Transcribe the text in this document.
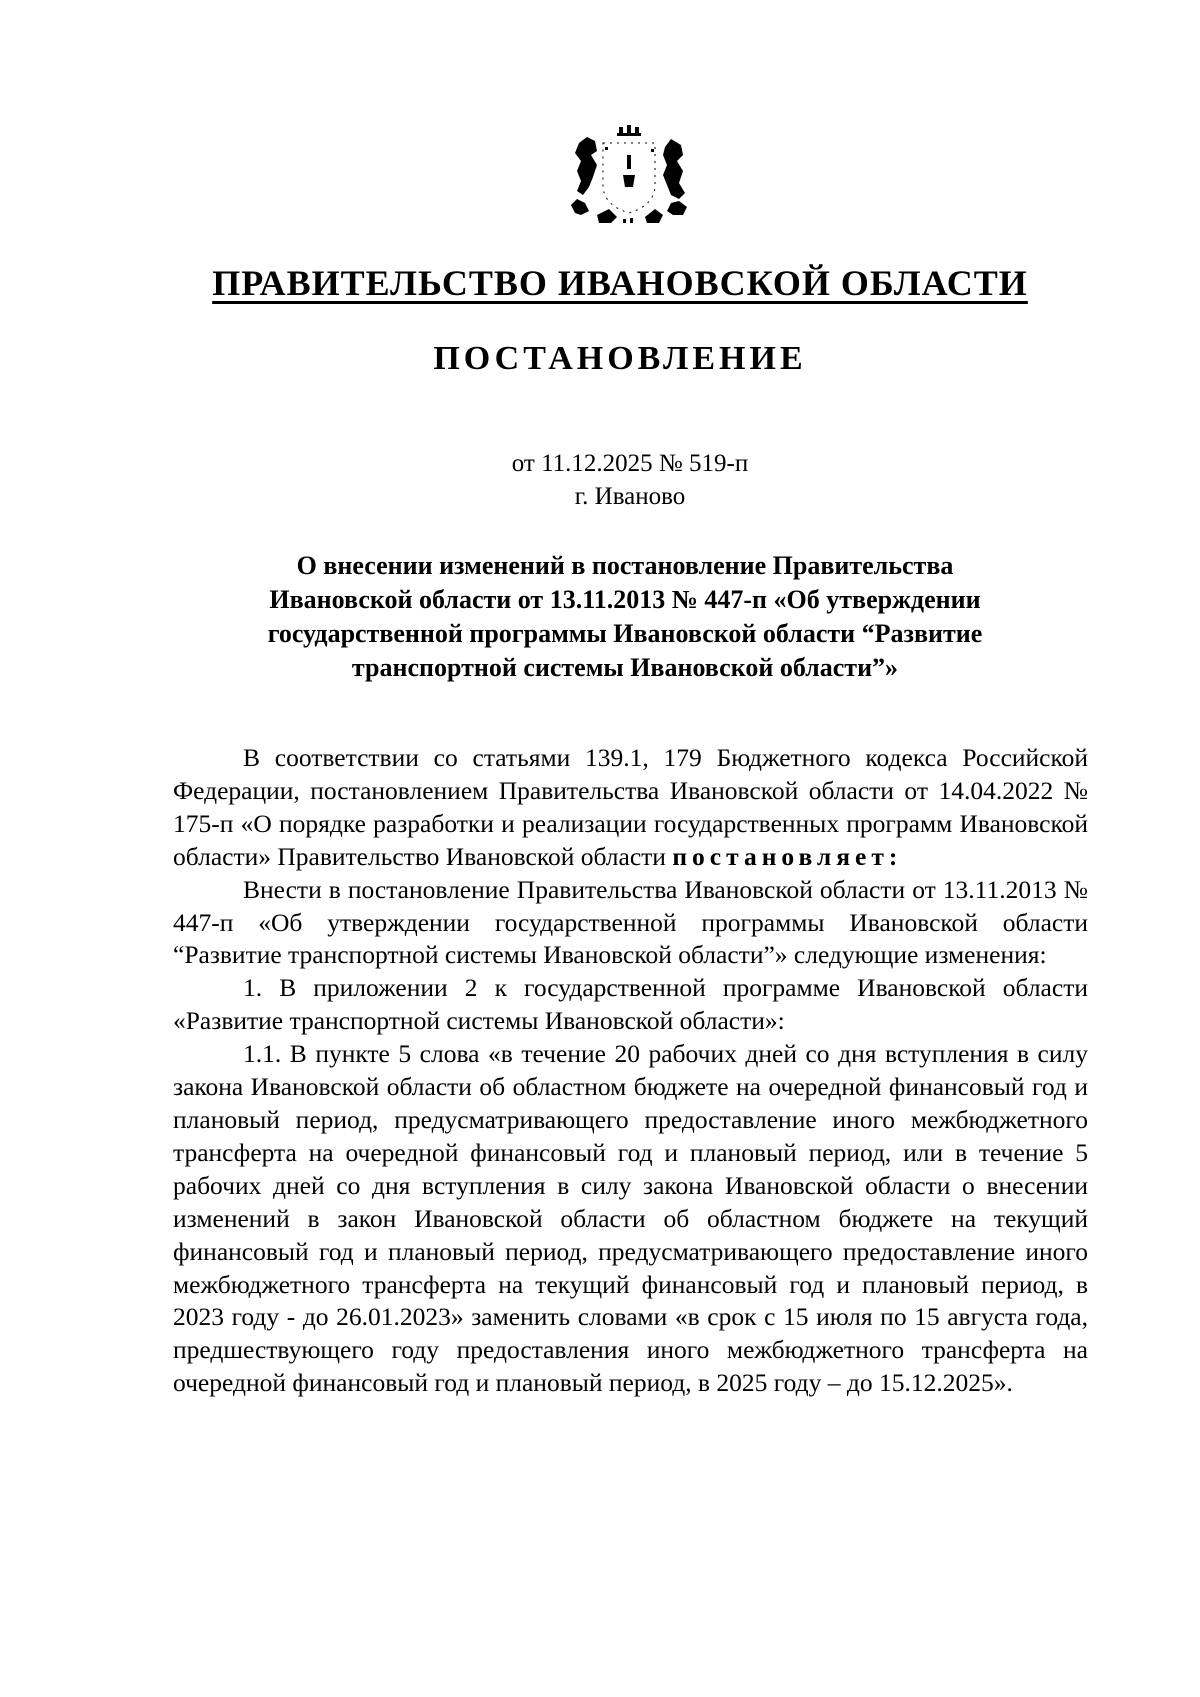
ПРАВИТЕЛЬСТВО ИВАНОВСКОЙ ОБЛАСТИ
ПОСТАНОВЛЕНИЕ
от 11.12.2025 № 519-п
г. Иваново
О внесении изменений в постановление Правительства
Ивановской области от 13.11.2013 № 447-п «Об утверждении
государственной программы Ивановской области “Развитие
транспортной системы Ивановской области”»

В соответствии со статьями 139.1, 179 Бюджетного кодекса Российской Федерации, постановлением Правительства Ивановской области от 14.04.2022 № 175-п «О порядке разработки и реализации государственных программ Ивановской области» Правительство Ивановской области постановляет:

Внести в постановление Правительства Ивановской области от 13.11.2013 № 447-п «Об утверждении государственной программы Ивановской области “Развитие транспортной системы Ивановской области”» следующие изменения:

1. В приложении 2 к государственной программе Ивановской области «Развитие транспортной системы Ивановской области»:

1.1. В пункте 5 слова «в течение 20 рабочих дней со дня вступления в силу закона Ивановской области об областном бюджете на очередной финансовый год и плановый период, предусматривающего предоставление иного межбюджетного трансферта на очередной финансовый год и плановый период, или в течение 5 рабочих дней со дня вступления в силу закона Ивановской области о внесении изменений в закон Ивановской области об областном бюджете на текущий финансовый год и плановый период, предусматривающего предоставление иного межбюджетного трансферта на текущий финансовый год и плановый период, в 2023 году - до 26.01.2023» заменить словами «в срок с 15 июля по 15 августа года, предшествующего году предоставления иного межбюджетного трансферта на очередной финансовый год и плановый период, в 2025 году – до 15.12.2025».
